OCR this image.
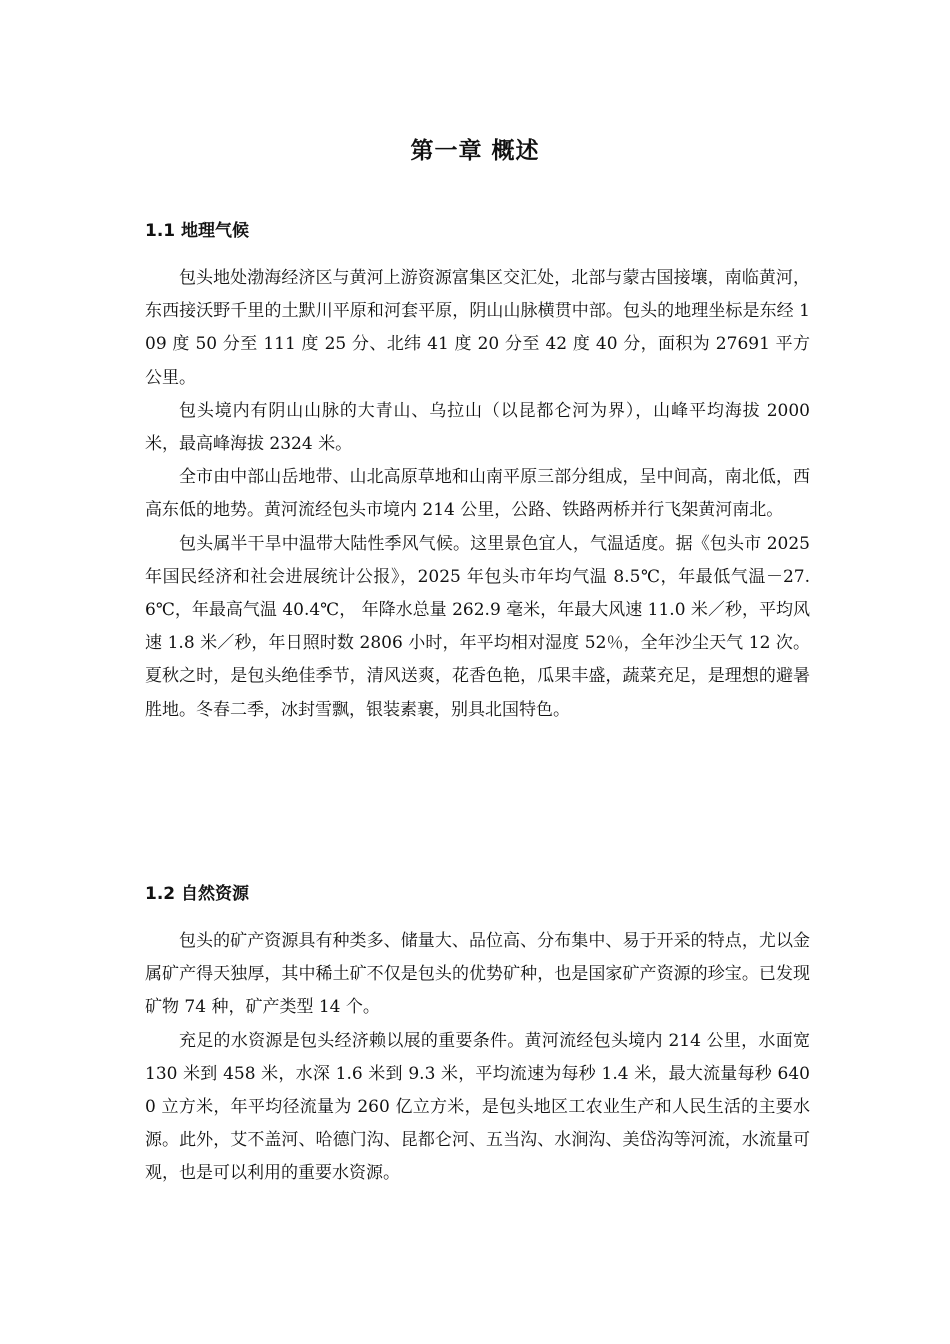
第一章 概述
1.1 地理气候

包头地处渤海经济区与黄河上游资源富集区交汇处，北部与蒙古国接壤，南临黄河，东西接沃野千里的土默川平原和河套平原，阴山山脉横贯中部。包头的地理坐标是东经 109 度 50 分至 111 度 25 分、北纬 41 度 20 分至 42 度 40 分，面积为 27691 平方公里。

包头境内有阴山山脉的大青山、乌拉山（以昆都仑河为界），山峰平均海拔 2000 米，最高峰海拔 2324 米。

全市由中部山岳地带、山北高原草地和山南平原三部分组成，呈中间高，南北低，西高东低的地势。黄河流经包头市境内 214 公里，公路、铁路两桥并行飞架黄河南北。

包头属半干旱中温带大陆性季风气候。这里景色宜人，气温适度。据《包头市 2025 年国民经济和社会进展统计公报》，2025 年包头市年均气温 8.5℃，年最低气温－27.6℃，年最高气温 40.4℃， 年降水总量 262.9 毫米，年最大风速 11.0 米／秒，平均风速 1.8 米／秒，年日照时数 2806 小时，年平均相对湿度 52％，全年沙尘天气 12 次。夏秋之时，是包头绝佳季节，清风送爽，花香色艳，瓜果丰盛，蔬菜充足，是理想的避暑胜地。冬春二季，冰封雪飘，银装素裹，别具北国特色。

1.2 自然资源

包头的矿产资源具有种类多、储量大、品位高、分布集中、易于开采的特点，尤以金属矿产得天独厚，其中稀土矿不仅是包头的优势矿种，也是国家矿产资源的珍宝。已发现矿物 74 种，矿产类型 14 个。

充足的水资源是包头经济赖以展的重要条件。黄河流经包头境内 214 公里，水面宽 130 米到 458 米，水深 1.6 米到 9.3 米，平均流速为每秒 1.4 米，最大流量每秒 6400 立方米，年平均径流量为 260 亿立方米，是包头地区工农业生产和人民生活的主要水源。此外，艾不盖河、哈德门沟、昆都仑河、五当沟、水涧沟、美岱沟等河流，水流量可观，也是可以利用的重要水资源。
